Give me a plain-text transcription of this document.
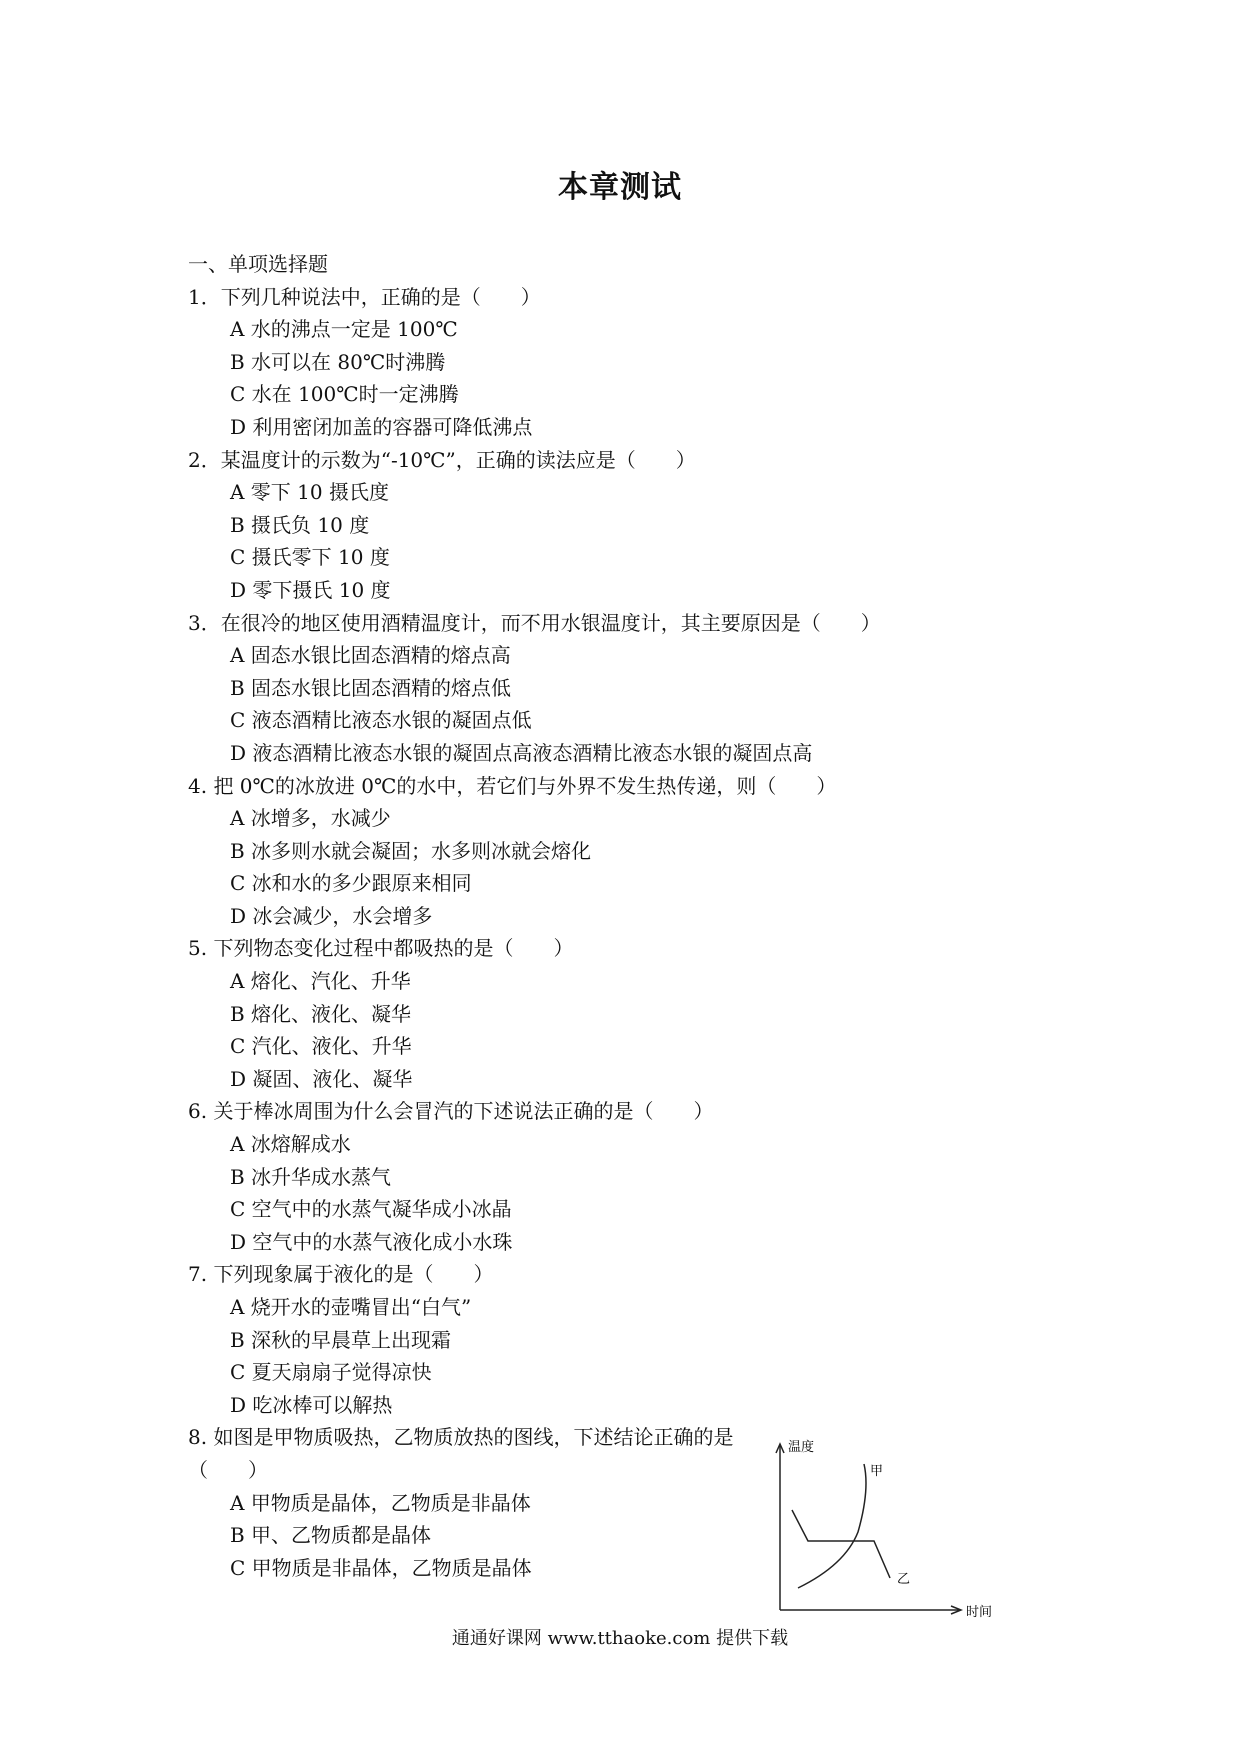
本章测试
一、单项选择题
1．下列几种说法中，正确的是（　　）
A 水的沸点一定是 100℃
B 水可以在 80℃时沸腾
C 水在 100℃时一定沸腾
D 利用密闭加盖的容器可降低沸点
2．某温度计的示数为“-10℃”，正确的读法应是（　　）
A 零下 10 摄氏度
B 摄氏负 10 度
C 摄氏零下 10 度
D 零下摄氏 10 度
3．在很冷的地区使用酒精温度计，而不用水银温度计，其主要原因是（　　）
A 固态水银比固态酒精的熔点高
B 固态水银比固态酒精的熔点低
C 液态酒精比液态水银的凝固点低
D 液态酒精比液态水银的凝固点高液态酒精比液态水银的凝固点高
4. 把 0℃的冰放进 0℃的水中，若它们与外界不发生热传递，则（　　）
A 冰增多，水减少
B 冰多则水就会凝固；水多则冰就会熔化
C 冰和水的多少跟原来相同
D 冰会减少，水会增多
5. 下列物态变化过程中都吸热的是（　　）
A 熔化、汽化、升华
B 熔化、液化、凝华
C 汽化、液化、升华
D 凝固、液化、凝华
6. 关于棒冰周围为什么会冒汽的下述说法正确的是（　　）
A 冰熔解成水
B 冰升华成水蒸气
C 空气中的水蒸气凝华成小冰晶
D 空气中的水蒸气液化成小水珠
7. 下列现象属于液化的是（　　）
A 烧开水的壶嘴冒出“白气”
B 深秋的早晨草上出现霜
C 夏天扇扇子觉得凉快
D 吃冰棒可以解热
8. 如图是甲物质吸热，乙物质放热的图线，下述结论正确的是（　　）
A 甲物质是晶体，乙物质是非晶体
B 甲、乙物质都是晶体
C 甲物质是非晶体，乙物质是晶体
温度
时间
甲
乙
通通好课网 www.tthaoke.com 提供下载
